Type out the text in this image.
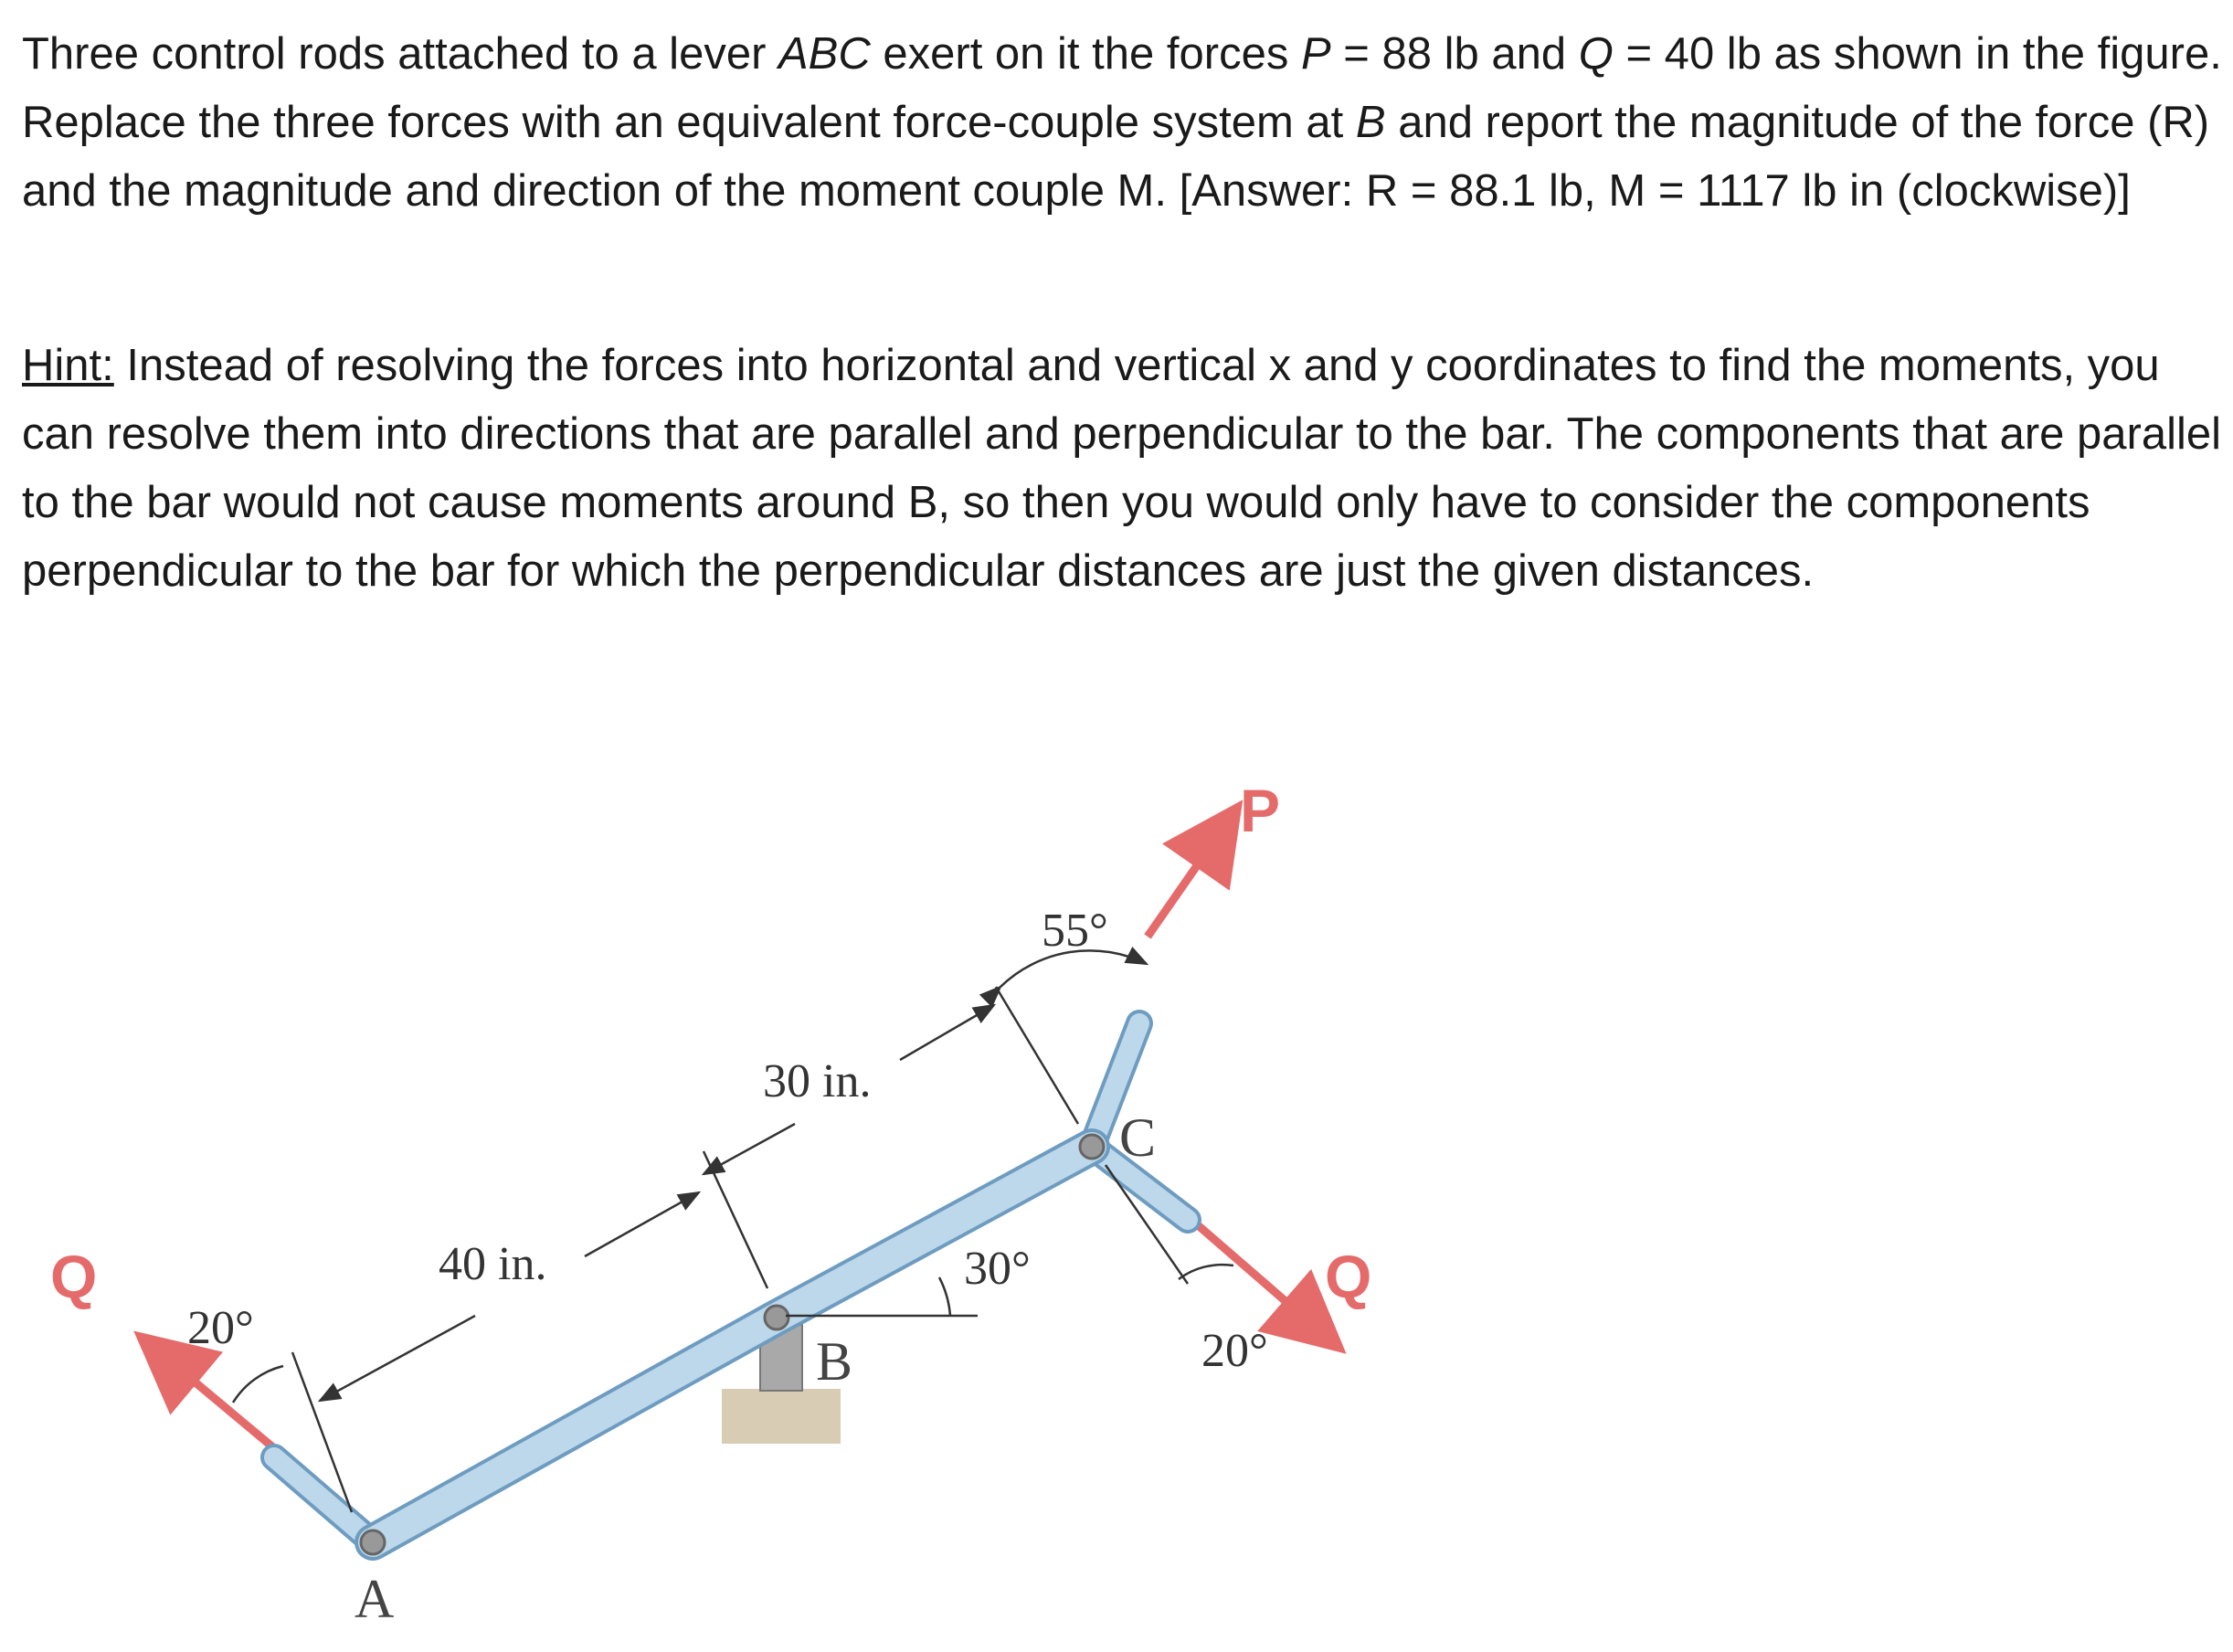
Three control rods attached to a lever ABC exert on it the forces P = 88 lb and Q = 40 lb as shown in the figure. Replace the three forces with an equivalent force-couple system at B and report the magnitude of the force (R) and the magnitude and direction of the moment couple M. [Answer: R = 88.1 lb, M = 1117 lb in (clockwise)]

Hint: Instead of resolving the forces into horizontal and vertical x and y coordinates to find the moments, you can resolve them into directions that are parallel and perpendicular to the bar. The components that are parallel to the bar would not cause moments around B, so then you would only have to consider the components perpendicular to the bar for which the perpendicular distances are just the given distances.

A
B
C
P
Q	Q
40 in.
30 in.
30°
55°
20°	20°
